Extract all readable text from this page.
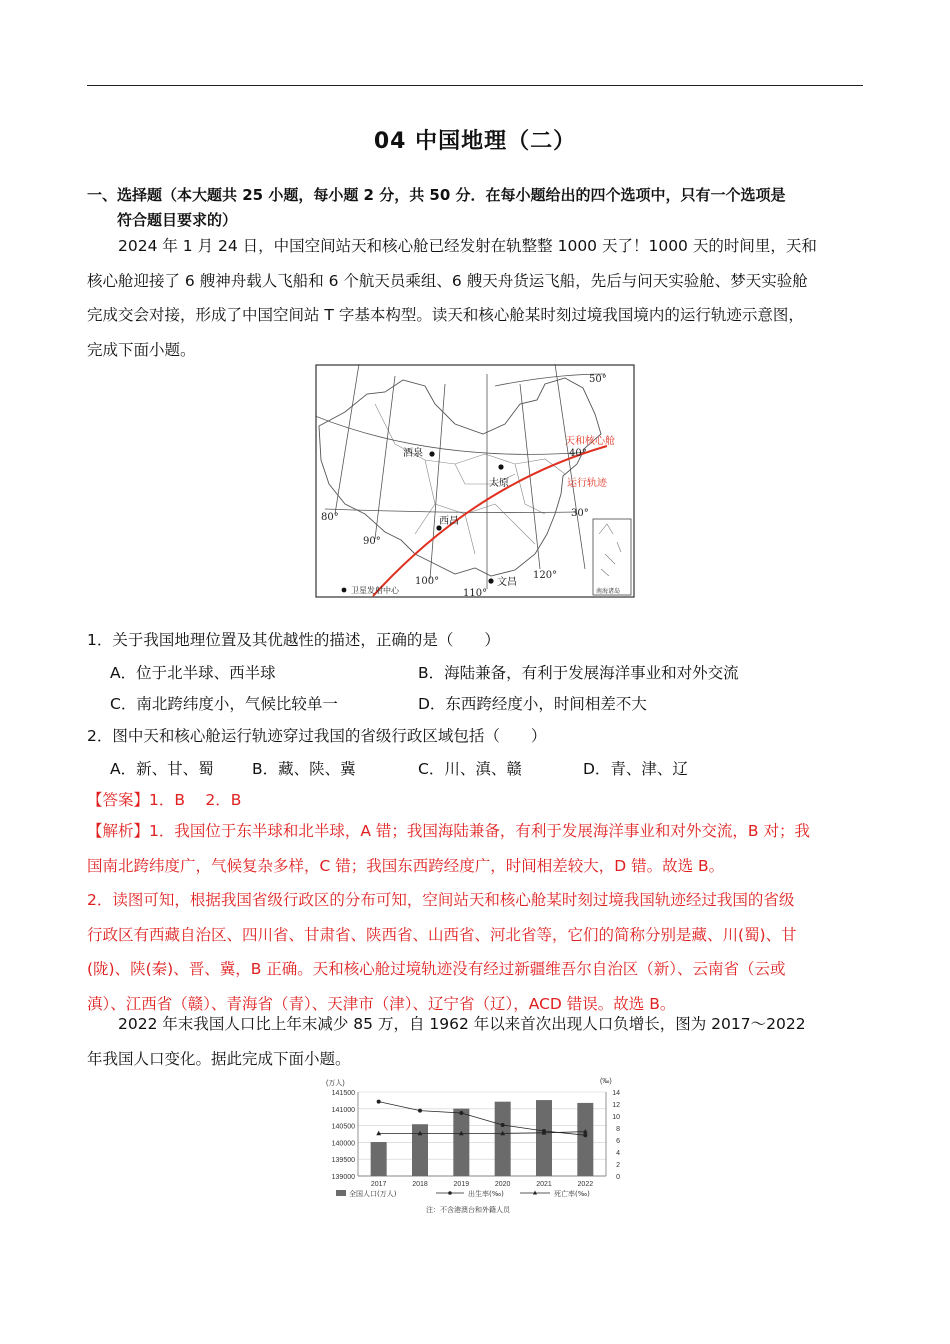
04 中国地理（二）
一、选择题（本大题共 25 小题，每小题 2 分，共 50 分．在每小题给出的四个选项中，只有一个选项是
符合题目要求的）
2024 年 1 月 24 日，中国空间站天和核心舱已经发射在轨整整 1000 天了！1000 天的时间里，天和
核心舱迎接了 6 艘神舟载人飞船和 6 个航天员乘组、6 艘天舟货运飞船，先后与问天实验舱、梦天实验舱
完成交会对接，形成了中国空间站 T 字基本构型。读天和核心舱某时刻过境我国境内的运行轨迹示意图，
完成下面小题。
50°
40°
30°
80°
90°
100°
110°
120°
酒泉
太原
西昌
文昌
天和核心舱
运行轨迹
南海诸岛
卫星发射中心
1．关于我国地理位置及其优越性的描述，正确的是（　　）
A．位于北半球、西半球	B．海陆兼备，有利于发展海洋事业和对外交流
C．南北跨纬度小，气候比较单一	D．东西跨经度小，时间相差不大
2．图中天和核心舱运行轨迹穿过我国的省级行政区域包括（　　）
A．新、甘、蜀 B．藏、陕、冀	C．川、滇、赣	D．青、津、辽
【答案】1．B　 2．B
【解析】1．我国位于东半球和北半球，A 错；我国海陆兼备，有利于发展海洋事业和对外交流，B 对；我
国南北跨纬度广，气候复杂多样，C 错；我国东西跨经度广，时间相差较大，D 错。故选 B。
2．读图可知，根据我国省级行政区的分布可知，空间站天和核心舱某时刻过境我国轨迹经过我国的省级
行政区有西藏自治区、四川省、甘肃省、陕西省、山西省、河北省等，它们的简称分别是藏、川(蜀)、甘
(陇)、陕(秦)、晋、冀，B 正确。天和核心舱过境轨迹没有经过新疆维吾尔自治区（新）、云南省（云或
滇）、江西省（赣）、青海省（青）、天津市（津）、辽宁省（辽），ACD 错误。故选 B。
2022 年末我国人口比上年末减少 85 万，自 1962 年以来首次出现人口负增长，图为 2017～2022
年我国人口变化。据此完成下面小题。
141500
141000
140500
140000
139500
139000
14
12
10
8
6
4
2
0
(万人)	(‰)
2017	2018	2019	2020	2021	2022
全国人口(万人)	出生率(‰)	死亡率(‰)
注：不含港澳台和外籍人员
